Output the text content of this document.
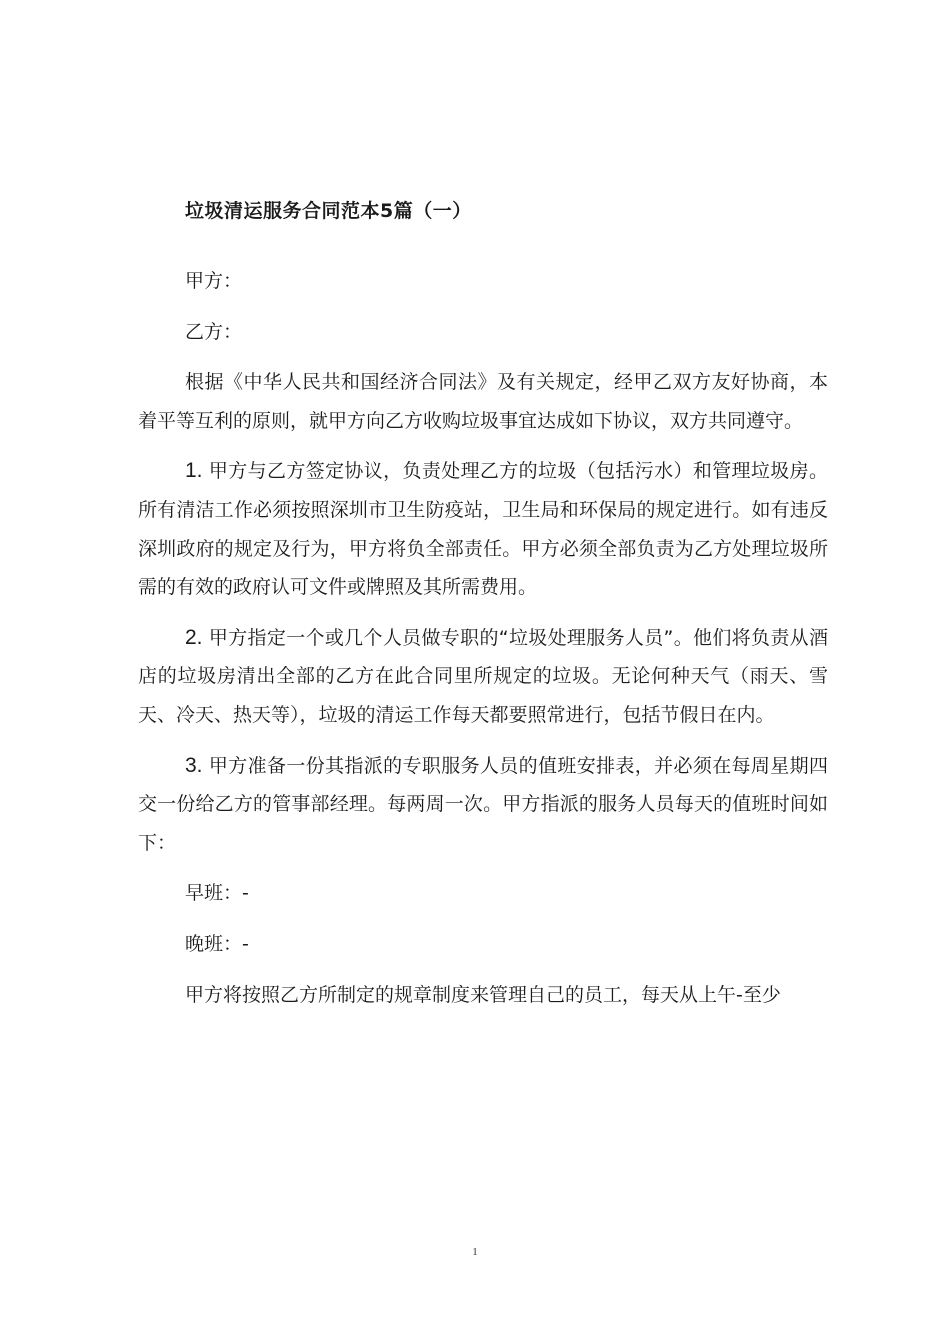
垃圾清运服务合同范本5篇（一）

甲方：

乙方：

根据《中华人民共和国经济合同法》及有关规定，经甲乙双方友好协商，本着平等互利的原则，就甲方向乙方收购垃圾事宜达成如下协议，双方共同遵守。

1. 甲方与乙方签定协议，负责处理乙方的垃圾（包括污水）和管理垃圾房。所有清洁工作必须按照深圳市卫生防疫站，卫生局和环保局的规定进行。如有违反深圳政府的规定及行为，甲方将负全部责任。甲方必须全部负责为乙方处理垃圾所需的有效的政府认可文件或牌照及其所需费用。

2. 甲方指定一个或几个人员做专职的“垃圾处理服务人员”。他们将负责从酒店的垃圾房清出全部的乙方在此合同里所规定的垃圾。无论何种天气（雨天、雪天、冷天、热天等），垃圾的清运工作每天都要照常进行，包括节假日在内。

3. 甲方准备一份其指派的专职服务人员的值班安排表，并必须在每周星期四交一份给乙方的管事部经理。每两周一次。甲方指派的服务人员每天的值班时间如下：

早班：-

晚班：-

甲方将按照乙方所制定的规章制度来管理自己的员工，每天从上午-至少

1
